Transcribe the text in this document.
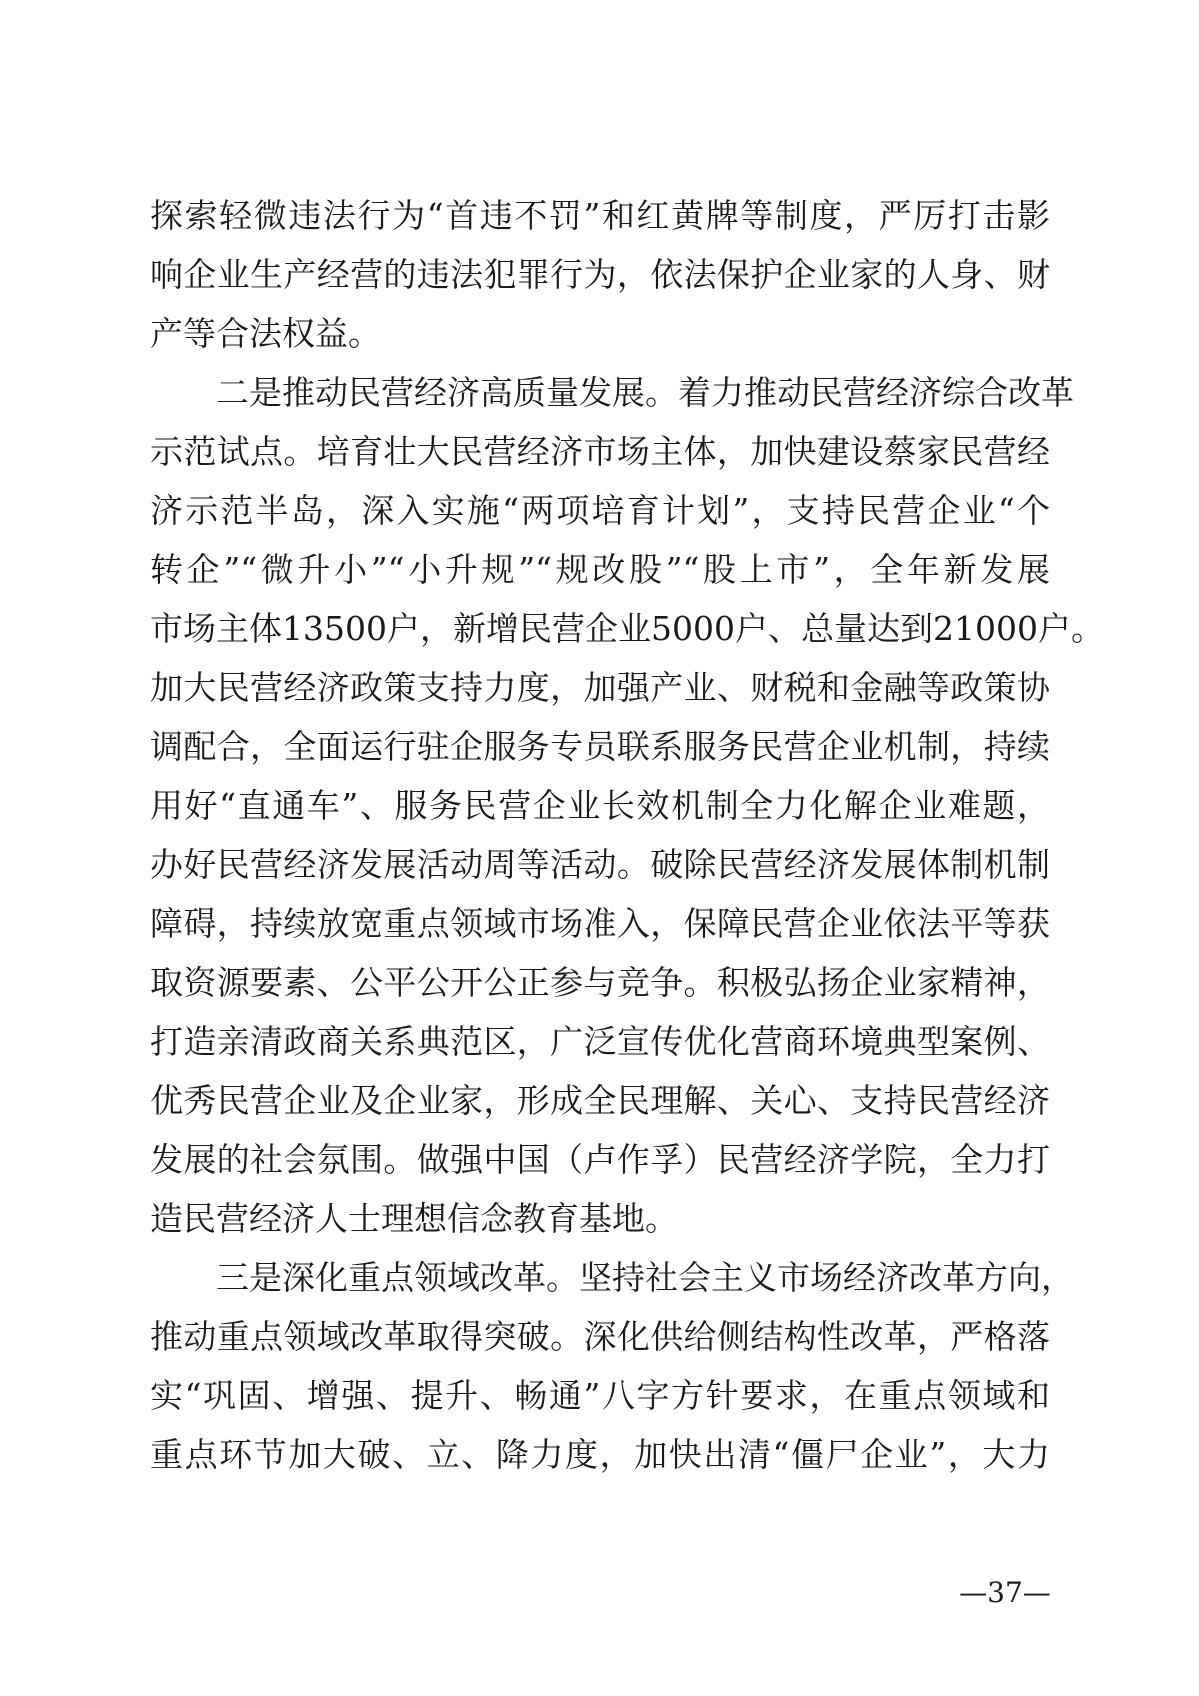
探索轻微违法行为“首违不罚”和红黄牌等制度，严厉打击影
响企业生产经营的违法犯罪行为，依法保护企业家的人身、财
产等合法权益。
　　二是推动民营经济高质量发展。着力推动民营经济综合改革
示范试点。培育壮大民营经济市场主体，加快建设蔡家民营经
济示范半岛，深入实施“两项培育计划”，支持民营企业“个
转企”“微升小”“小升规”“规改股”“股上市”，全年新发展
市场主体13500户，新增民营企业5000户、总量达到21000户。
加大民营经济政策支持力度，加强产业、财税和金融等政策协
调配合，全面运行驻企服务专员联系服务民营企业机制，持续
用好“直通车”、服务民营企业长效机制全力化解企业难题，
办好民营经济发展活动周等活动。破除民营经济发展体制机制
障碍，持续放宽重点领域市场准入，保障民营企业依法平等获
取资源要素、公平公开公正参与竞争。积极弘扬企业家精神，
打造亲清政商关系典范区，广泛宣传优化营商环境典型案例、
优秀民营企业及企业家，形成全民理解、关心、支持民营经济
发展的社会氛围。做强中国（卢作孚）民营经济学院，全力打
造民营经济人士理想信念教育基地。
　　三是深化重点领域改革。坚持社会主义市场经济改革方向，
推动重点领域改革取得突破。深化供给侧结构性改革，严格落
实“巩固、增强、提升、畅通”八字方针要求，在重点领域和
重点环节加大破、立、降力度，加快出清“僵尸企业”，大力
—37—
